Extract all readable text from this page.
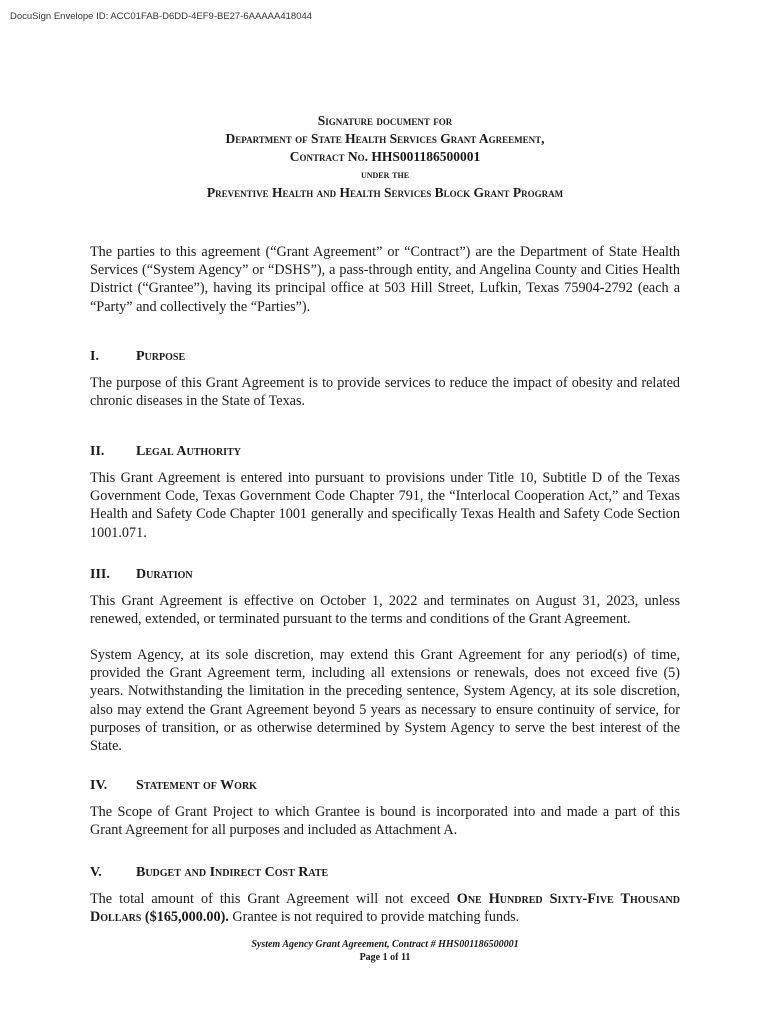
DocuSign Envelope ID: ACC01FAB-D6DD-4EF9-BE27-6AAAAA418044
Signature document for
Department of State Health Services Grant Agreement,
Contract No. HHS001186500001
under the
Preventive Health and Health Services Block Grant Program

The parties to this agreement (“Grant Agreement” or “Contract”) are the Department of State Health Services (“System Agency” or “DSHS”), a pass-through entity, and Angelina County and Cities Health District (“Grantee”), having its principal office at 503 Hill Street, Lufkin, Texas 75904-2792 (each a “Party” and collectively the “Parties”).

I.	Purpose

The purpose of this Grant Agreement is to provide services to reduce the impact of obesity and related chronic diseases in the State of Texas.

II. Legal Authority

This Grant Agreement is entered into pursuant to provisions under Title 10, Subtitle D of the Texas Government Code, Texas Government Code Chapter 791, the “Interlocal Cooperation Act,” and Texas Health and Safety Code Chapter 1001 generally and specifically Texas Health and Safety Code Section 1001.071.

III. Duration

This Grant Agreement is effective on October 1, 2022 and terminates on August 31, 2023, unless renewed, extended, or terminated pursuant to the terms and conditions of the Grant Agreement.

System Agency, at its sole discretion, may extend this Grant Agreement for any period(s) of time, provided the Grant Agreement term, including all extensions or renewals, does not exceed five (5) years. Notwithstanding the limitation in the preceding sentence, System Agency, at its sole discretion, also may extend the Grant Agreement beyond 5 years as necessary to ensure continuity of service, for purposes of transition, or as otherwise determined by System Agency to serve the best interest of the State.

IV. Statement of Work

The Scope of Grant Project to which Grantee is bound is incorporated into and made a part of this Grant Agreement for all purposes and included as Attachment A.

V. Budget and Indirect Cost Rate

The total amount of this Grant Agreement will not exceed One Hundred Sixty-Five Thousand Dollars ($165,000.00). Grantee is not required to provide matching funds.

System Agency Grant Agreement, Contract # HHS001186500001
Page 1 of 11
